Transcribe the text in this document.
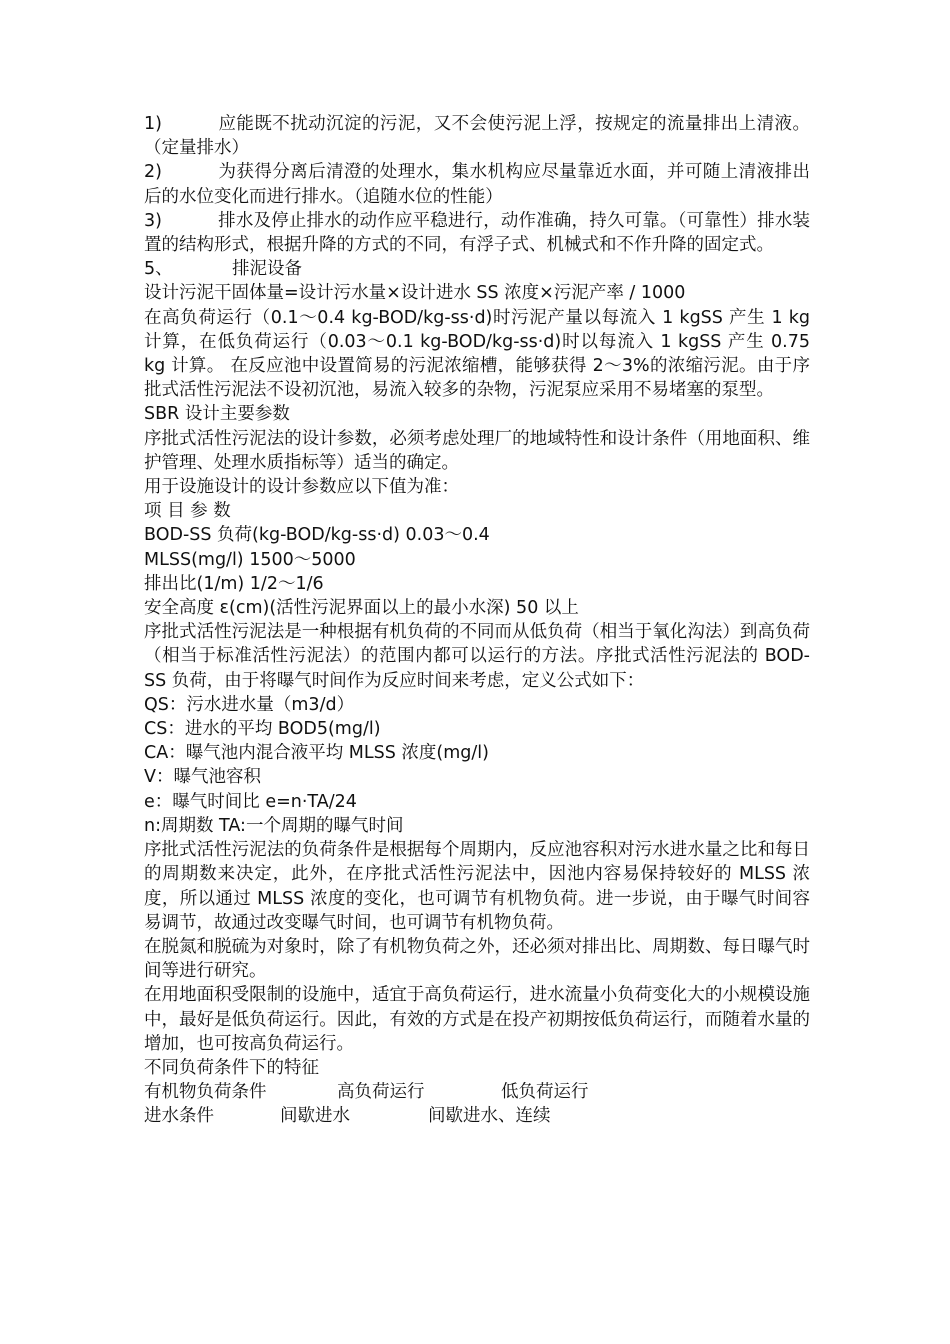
1)	应能既不扰动沉淀的污泥，又不会使污泥上浮，按规定的流量排出上清液。（定量排水）

2)	为获得分离后清澄的处理水，集水机构应尽量靠近水面，并可随上清液排出后的水位变化而进行排水。（追随水位的性能）

3)	排水及停止排水的动作应平稳进行，动作准确，持久可靠。（可靠性）排水装置的结构形式，根据升降的方式的不同，有浮子式、机械式和不作升降的固定式。

5、	排泥设备

设计污泥干固体量=设计污水量×设计进水 SS 浓度×污泥产率 / 1000

在高负荷运行（0.1～0.4 kg-BOD/kg-ss·d)时污泥产量以每流入 1 kgSS 产生 1 kg 计算，在低负荷运行（0.03～0.1 kg-BOD/kg-ss·d)时以每流入 1 kgSS 产生 0.75 kg 计算。 在反应池中设置简易的污泥浓缩槽，能够获得 2～3%的浓缩污泥。由于序批式活性污泥法不设初沉池，易流入较多的杂物，污泥泵应采用不易堵塞的泵型。

SBR 设计主要参数

序批式活性污泥法的设计参数，必须考虑处理厂的地域特性和设计条件（用地面积、维护管理、处理水质指标等）适当的确定。

用于设施设计的设计参数应以下值为准：

项 目 参 数

BOD-SS 负荷(kg-BOD/kg-ss·d) 0.03～0.4

MLSS(mg/l) 1500～5000

排出比(1/m) 1/2～1/6

安全高度 ε(cm)(活性污泥界面以上的最小水深) 50 以上

序批式活性污泥法是一种根据有机负荷的不同而从低负荷（相当于氧化沟法）到高负荷（相当于标准活性污泥法）的范围内都可以运行的方法。序批式活性污泥法的 BOD-SS 负荷，由于将曝气时间作为反应时间来考虑，定义公式如下：

QS：污水进水量（m3/d）

CS：进水的平均 BOD5(mg/l)

CA：曝气池内混合液平均 MLSS 浓度(mg/l)

V：曝气池容积

e：曝气时间比 e=n·TA/24

n:周期数 TA:一个周期的曝气时间

序批式活性污泥法的负荷条件是根据每个周期内，反应池容积对污水进水量之比和每日的周期数来决定，此外，在序批式活性污泥法中，因池内容易保持较好的 MLSS 浓度，所以通过 MLSS 浓度的变化，也可调节有机物负荷。进一步说，由于曝气时间容易调节，故通过改变曝气时间，也可调节有机物负荷。

在脱氮和脱硫为对象时，除了有机物负荷之外，还必须对排出比、周期数、每日曝气时间等进行研究。

在用地面积受限制的设施中，适宜于高负荷运行，进水流量小负荷变化大的小规模设施中，最好是低负荷运行。因此，有效的方式是在投产初期按低负荷运行，而随着水量的增加，也可按高负荷运行。

不同负荷条件下的特征

有机物负荷条件	高负荷运行	低负荷运行

进水条件	间歇进水	间歇进水、连续
